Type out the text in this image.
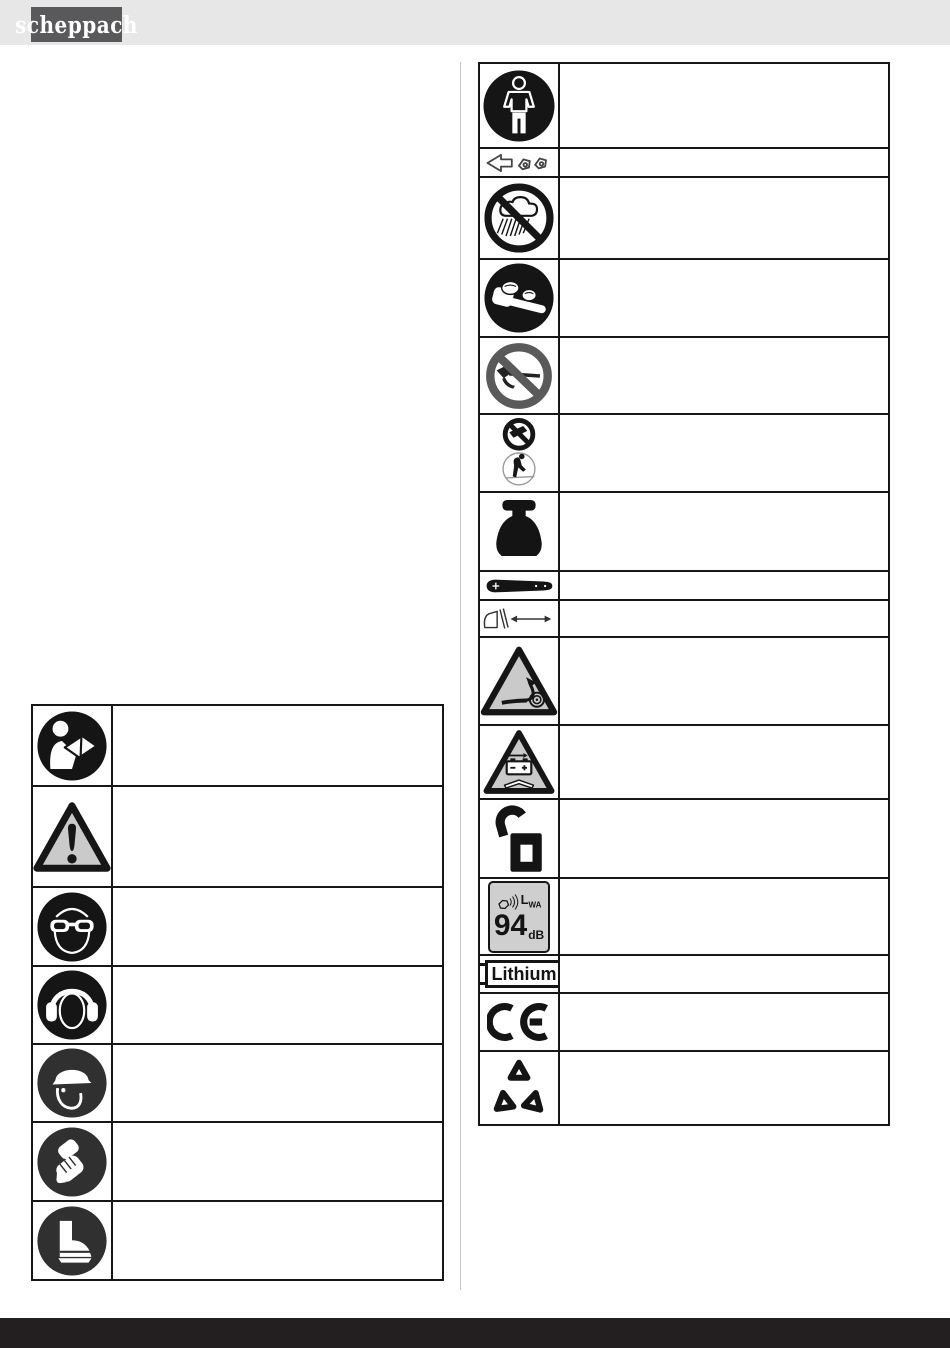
scheppach
$L_{WA}$
94 dB
Lithium
